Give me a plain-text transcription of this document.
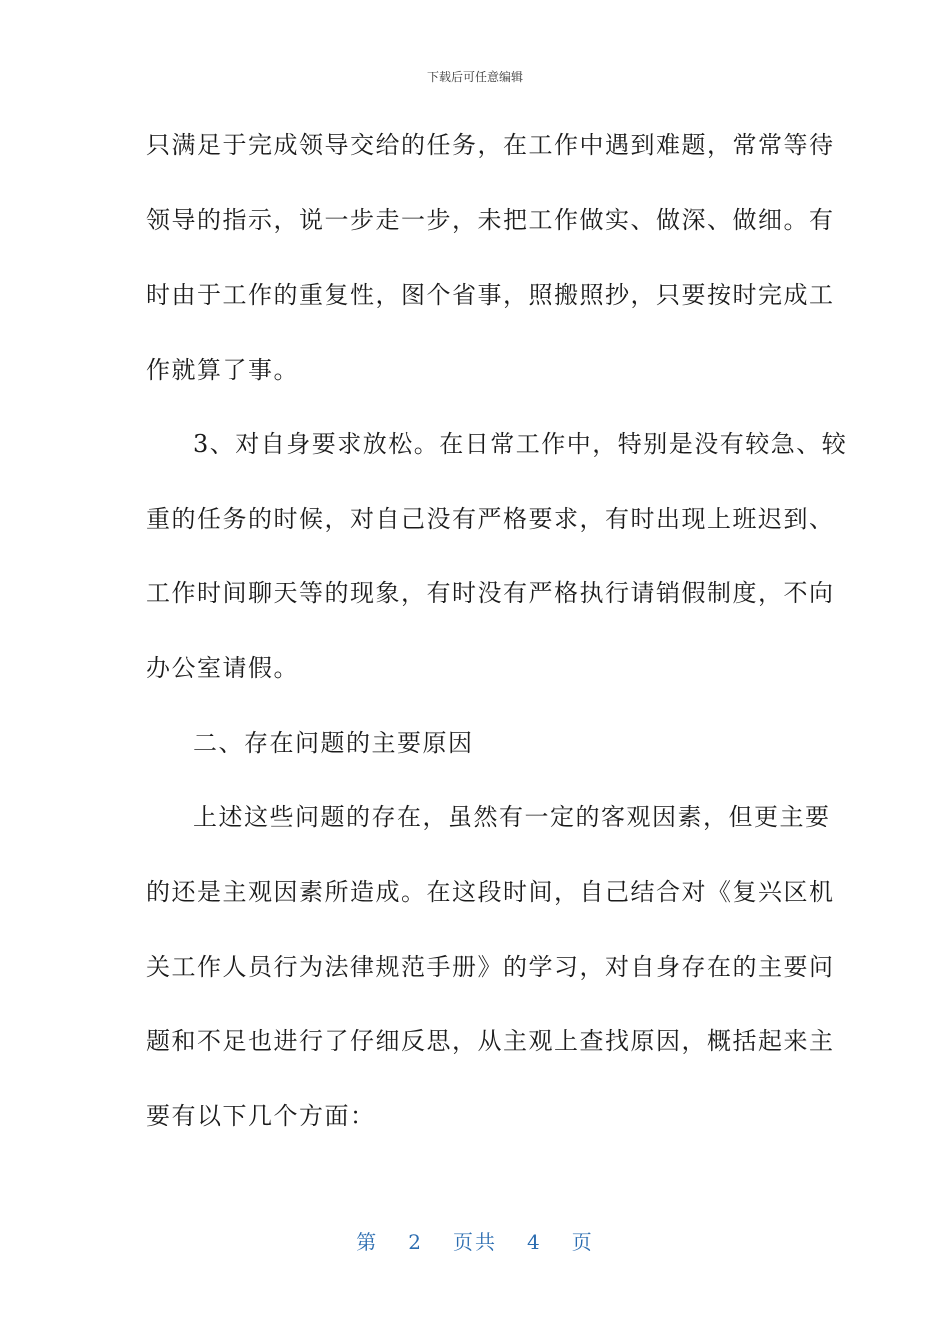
下载后可任意编辑
只满足于完成领导交给的任务，在工作中遇到难题，常常等待
领导的指示，说一步走一步，未把工作做实、做深、做细。有
时由于工作的重复性，图个省事，照搬照抄，只要按时完成工
作就算了事。
3、对自身要求放松。在日常工作中，特别是没有较急、较
重的任务的时候，对自己没有严格要求，有时出现上班迟到、
工作时间聊天等的现象，有时没有严格执行请销假制度，不向
办公室请假。
二、存在问题的主要原因
上述这些问题的存在，虽然有一定的客观因素，但更主要
的还是主观因素所造成。在这段时间，自己结合对《复兴区机
关工作人员行为法律规范手册》的学习，对自身存在的主要问
题和不足也进行了仔细反思，从主观上查找原因，概括起来主
要有以下几个方面：
第 2 页共 4 页
